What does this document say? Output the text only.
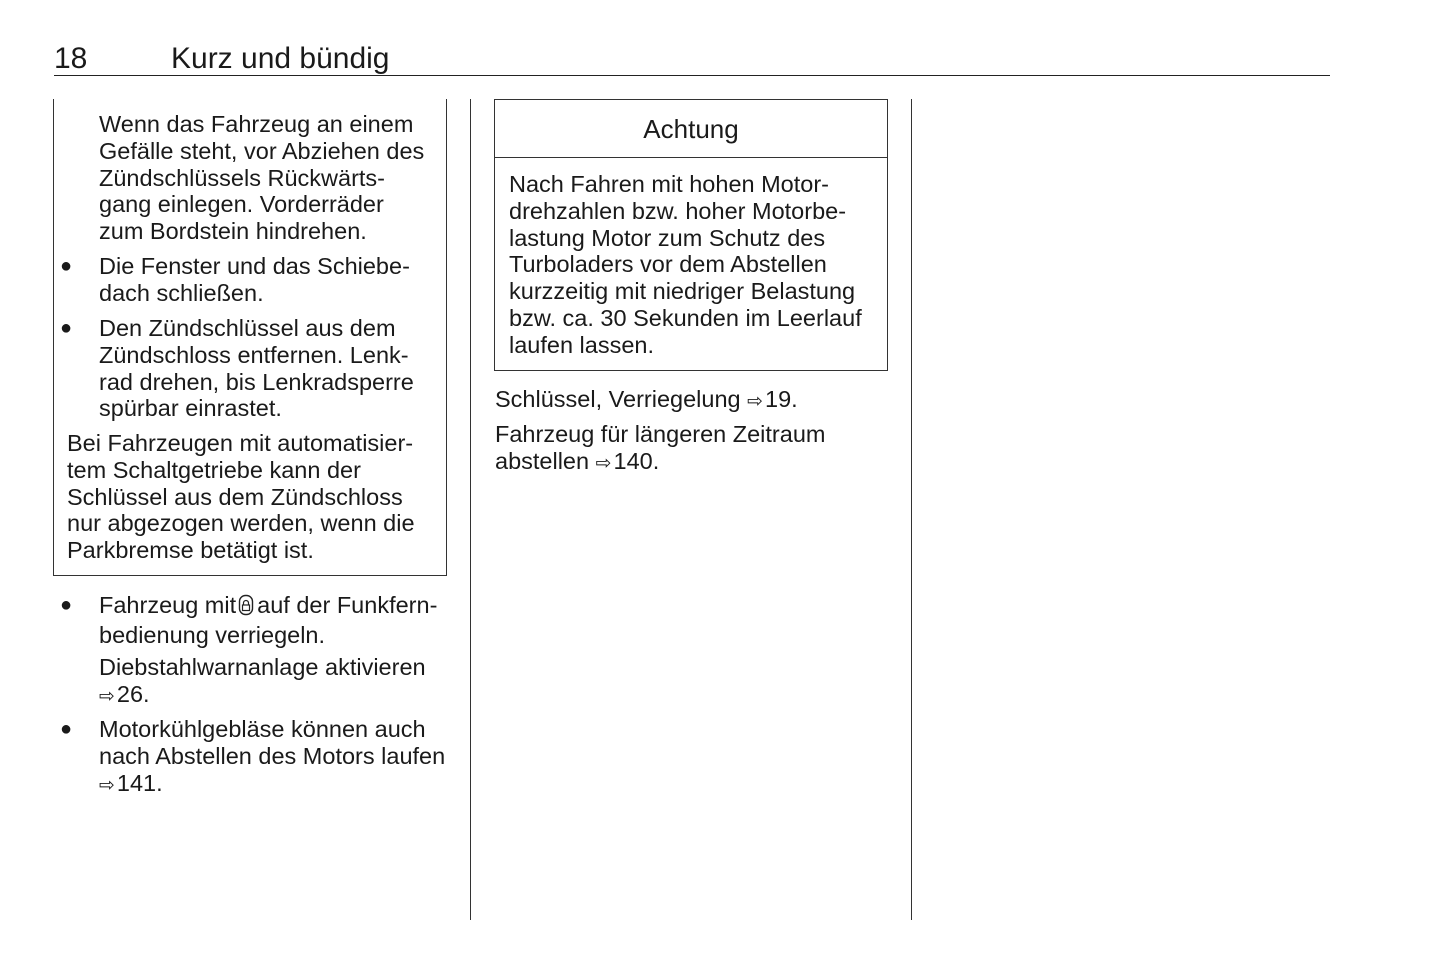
18	Kurz und bündig
Wenn das Fahrzeug an einem
Gefälle steht, vor Abziehen des
Zündschlüssels Rückwärts-
gang einlegen. Vorderräder
zum Bordstein hindrehen.
● Die Fenster und das Schiebe-
dach schließen.
● Den Zündschlüssel aus dem
Zündschloss entfernen. Lenk-
rad drehen, bis Lenkradsperre
spürbar einrastet.
Bei Fahrzeugen mit automatisier-
tem Schaltgetriebe kann der
Schlüssel aus dem Zündschloss
nur abgezogen werden, wenn die
Parkbremse betätigt ist.
● Fahrzeug mit auf der Funkfern-
bedienung verriegeln.
Diebstahlwarnanlage aktivieren
⇨26.
● Motorkühlgebläse können auch
nach Abstellen des Motors laufen
⇨141.
Achtung
Nach Fahren mit hohen Motor-
drehzahlen bzw. hoher Motorbe-
lastung Motor zum Schutz des
Turboladers vor dem Abstellen
kurzzeitig mit niedriger Belastung
bzw. ca. 30 Sekunden im Leerlauf
laufen lassen.
Schlüssel, Verriegelung ⇨19.
Fahrzeug für längeren Zeitraum
abstellen ⇨140.
